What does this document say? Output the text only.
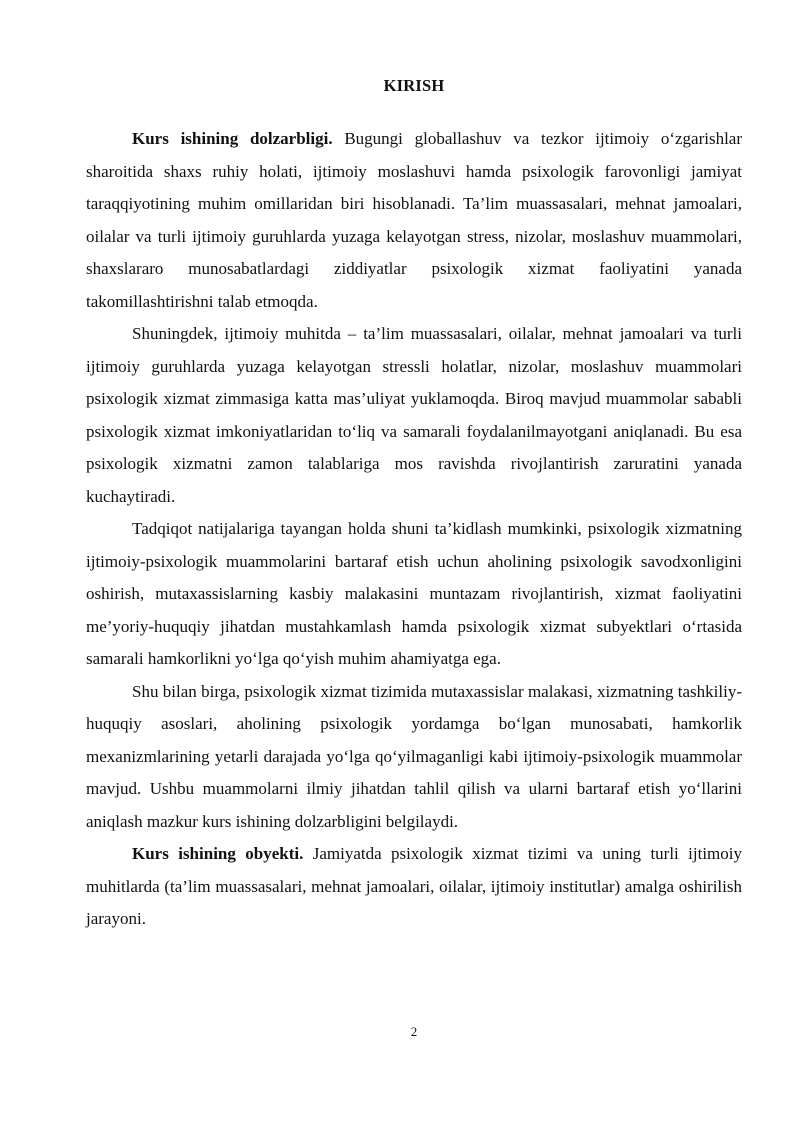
KIRISH

Kurs ishining dolzarbligi. Bugungi globallashuv va tezkor ijtimoiy o‘zgarishlar sharoitida shaxs ruhiy holati, ijtimoiy moslashuvi hamda psixologik farovonligi jamiyat taraqqiyotining muhim omillaridan biri hisoblanadi. Ta’lim muassasalari, mehnat jamoalari, oilalar va turli ijtimoiy guruhlarda yuzaga kelayotgan stress, nizolar, moslashuv muammolari, shaxslararo munosabatlardagi ziddiyatlar psixologik xizmat faoliyatini yanada takomillashtirishni talab etmoqda.

Shuningdek, ijtimoiy muhitda – ta’lim muassasalari, oilalar, mehnat jamoalari va turli ijtimoiy guruhlarda yuzaga kelayotgan stressli holatlar, nizolar, moslashuv muammolari psixologik xizmat zimmasiga katta mas’uliyat yuklamoqda. Biroq mavjud muammolar sababli psixologik xizmat imkoniyatlaridan to‘liq va samarali foydalanilmayotgani aniqlanadi. Bu esa psixologik xizmatni zamon talablariga mos ravishda rivojlantirish zaruratini yanada kuchaytiradi.

Tadqiqot natijalariga tayangan holda shuni ta’kidlash mumkinki, psixologik xizmatning ijtimoiy-psixologik muammolarini bartaraf etish uchun aholining psixologik savodxonligini oshirish, mutaxassislarning kasbiy malakasini muntazam rivojlantirish, xizmat faoliyatini me’yoriy-huquqiy jihatdan mustahkamlash hamda psixologik xizmat subyektlari o‘rtasida samarali hamkorlikni yo‘lga qo‘yish muhim ahamiyatga ega.

Shu bilan birga, psixologik xizmat tizimida mutaxassislar malakasi, xizmatning tashkiliy-huquqiy asoslari, aholining psixologik yordamga bo‘lgan munosabati, hamkorlik mexanizmlarining yetarli darajada yo‘lga qo‘yilmaganligi kabi ijtimoiy-psixologik muammolar mavjud. Ushbu muammolarni ilmiy jihatdan tahlil qilish va ularni bartaraf etish yo‘llarini aniqlash mazkur kurs ishining dolzarbligini belgilaydi.

Kurs ishining obyekti. Jamiyatda psixologik xizmat tizimi va uning turli ijtimoiy muhitlarda (ta’lim muassasalari, mehnat jamoalari, oilalar, ijtimoiy institutlar) amalga oshirilish jarayoni.

2
